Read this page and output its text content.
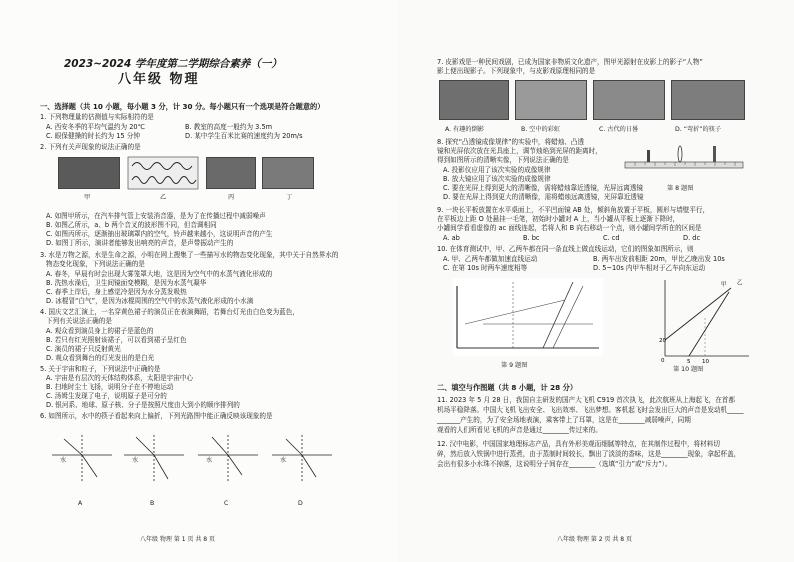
2023~2024 学年度第二学期综合素养（一）
八年级 物理
一、选择题（共 10 小题，每小题 3 分，计 30 分。每小题只有一个选项是符合题意的）
1. 下列物理量的估测值与实际相符的是
A. 西安冬季的平均气温约为 20℃	B. 教室的高度一般约为 3.5m
C. 眼保健操的时长约为 15 分钟	D. 某中学生百米比赛的速度约为 20m/s
2. 下列有关声现象的说法正确的是
甲	乙	丙	丁
A. 如图甲所示，在汽车排气管上安装消音器，是为了在传播过程中减弱噪声
B. 如图乙所示，a、b 两个音叉的波形图不同，但音调相同
C. 如图丙所示，逐渐抽出玻璃罩内的空气，铃声越来越小，这说明声音的产生
D. 如图丁所示，演讲者能够发出响亮的声音，是声带振动产生的
3. 水是万物之源，水是生命之源，小明在网上搜集了一些描写水的物态变化现象，其中关于自然界水的
物态变化现象，下列说法正确的是
A. 春冬，早晨有时会出现大雾笼罩大地，这是因为空气中的水蒸气液化形成的
B. 洗热水澡后，卫生间镜面变模糊，是因为水蒸气凝华
C. 春季上岸后，身上感觉冷是因为水分蒸发吸热
D. 冰棍冒“白气”，是因为冰棍周围的空气中的水蒸气液化形成的小水滴
4. 国庆文艺汇演上，一名穿黄色裙子的演员正在表演舞蹈，若舞台灯光由白色变为蓝色，
下列有关说法正确的是
A. 观众看到演员身上的裙子是蓝色的
B. 若只有红光照射该裙子，可以看到裙子呈红色
C. 演员的裙子只反射黄光
D. 观众看到舞台的灯光发出的是白光
5. 关于宇宙和粒子，下列说法中正确的是
A. 宇宙是有层次的天体结构体系，太阳是宇宙中心
B. 扫地时尘土飞扬，说明分子在不停地运动
C. 汤姆生发现了电子，说明原子是可分的
D. 银河系、地球、原子核、分子是按照尺度由大到小的顺序排列的
6. 如图所示，水中的筷子看起来向上偏折，下列光路图中能正确反映该现象的是
水	水	水	水
A	B	C	D
八年级 物理 第 1 页 共 8 页
7. 皮影戏是一种民间戏剧，已成为国家非物质文化遗产，图甲光源射在皮影上的影子“人物”
影上便出现影子。下列现象中，与皮影戏原理相同的是
A. 有趣的倒影	B. 空中的彩虹	C. 古代的日晷	D. “弯折”的筷子
8. 探究“凸透镜成像规律”的实验中，将蜡烛、凸透
镜和光屏依次放在光具座上，调节烛焰到光屏的距离时，
得到如图所示的清晰实像，下列说法正确的是
A. 投影仪应用了该次实验的成像规律
B. 放大镜应用了该次实验的成像规律
C. 要在光屏上得到更大的清晰像，需将蜡烛靠近透镜，光屏远离透镜
D. 要在光屏上得到更大的清晰像，需将蜡烛远离透镜，光屏靠近透镜
第 8 题图
9. 一块长平板放置在水平桌面上，不平凹面镜 AB 处，倾斜角放置于平板，圆形与墙壁平行，
在平板边上距 O 处悬挂一毛笔，初始时小罐对 A 上，当小罐从平板上逐渐下降时，
小罐间学看看虚像的 ac 面线连起，若将人和 B 向右移动一个点，则小罐间学所在的区间是
A. ab	B. bc	C. cd	D. dc
10. 在体育测试中，甲、乙两车都在同一条直线上做直线运动，它们的图象如图所示，则
A. 甲、乙两车都做加速直线运动	B. 两车出发前相距 20m，甲比乙晚出发 10s
C. 在第 10s 时两车速度相等	D. 5~10s 内甲车相对于乙车向东运动
第 9 题图
20
0	5 10
乙
甲
第 10 题图
二、填空与作图题（共 8 小题，计 28 分）
11. 2023 年 5 月 28 日，我国自主研发的国产大飞机 C919 首次执飞，此次航班从上海起飞，在首都
机场平稳降落。中国大飞机飞出安全、飞出效率、飞出梦想。客机起飞时会发出巨大的声音是发动机_____
_______产生的，为了安全场地表演，乘客带上了耳罩，这是在________减弱噪声，同期
观看的人们所看见飞机的声音是通过________传过来的。
12. 汉中电影，中国国家地理标志产品，具有外形美观而细腻等特点，在其制作过程中，将材料切
碎，然后放入铁锅中进行蒸煮，由于蒸制时间较长，飘出了淡淡的香味，这是________现象，拿起杯盖，
会出有很多小水珠不掉落，这说明分子间存在________（选填“引力”或“斥力”）。
八年级 物理 第 2 页 共 8 页
